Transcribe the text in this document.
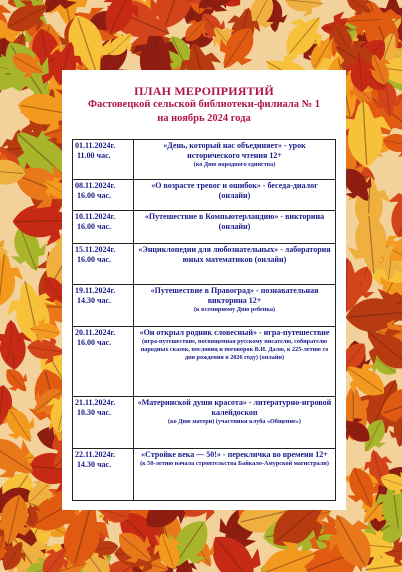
ПЛАН МЕРОПРИЯТИЙ
Фастовецкой сельской библиотеки-филиала № 1
на ноябрь 2024 года
01.11.2024г.
11.00 час.	«День, который нас объединяет» - урок исторического чтения 12+
(ко Дню народного единства)

08.11.2024г.
16.00 час.	«О возрасте тревог и ошибок» - беседа-диалог (онлайн)

10.11.2024г.
16.00 час.	«Путешествие в Компьютерландию» - викторина (онлайн)

15.11.2024г.
16.00 час.	«Энциклопедии для любознательных» - лаборатория юных математиков (онлайн)

19.11.2024г.
14.30 час.	«Путешествие в Правоград» - познавательная викторина 12+
(к всемирному Дню ребенка)

20.11.2024г.
16.00 час.	«Он открыл родник словесный» - игра-путешествие
(игра-путешествие, посвященная русскому писателю, собирателю народных сказок, пословиц и поговорок В.И. Далю, к 225-летию со дня рождения в 2026 году) (онлайн)

21.11.2024г.
10.30 час.	«Материнской души красота» - литературно-игровой калейдоскоп
(ко Дню матери) (участники клуба «Общение»)

22.11.2024г.
14.30 час.	«Стройке века — 50!» - перекличка во времени 12+
(к 50-летию начала строительства Байкало-Амурской магистрали)
